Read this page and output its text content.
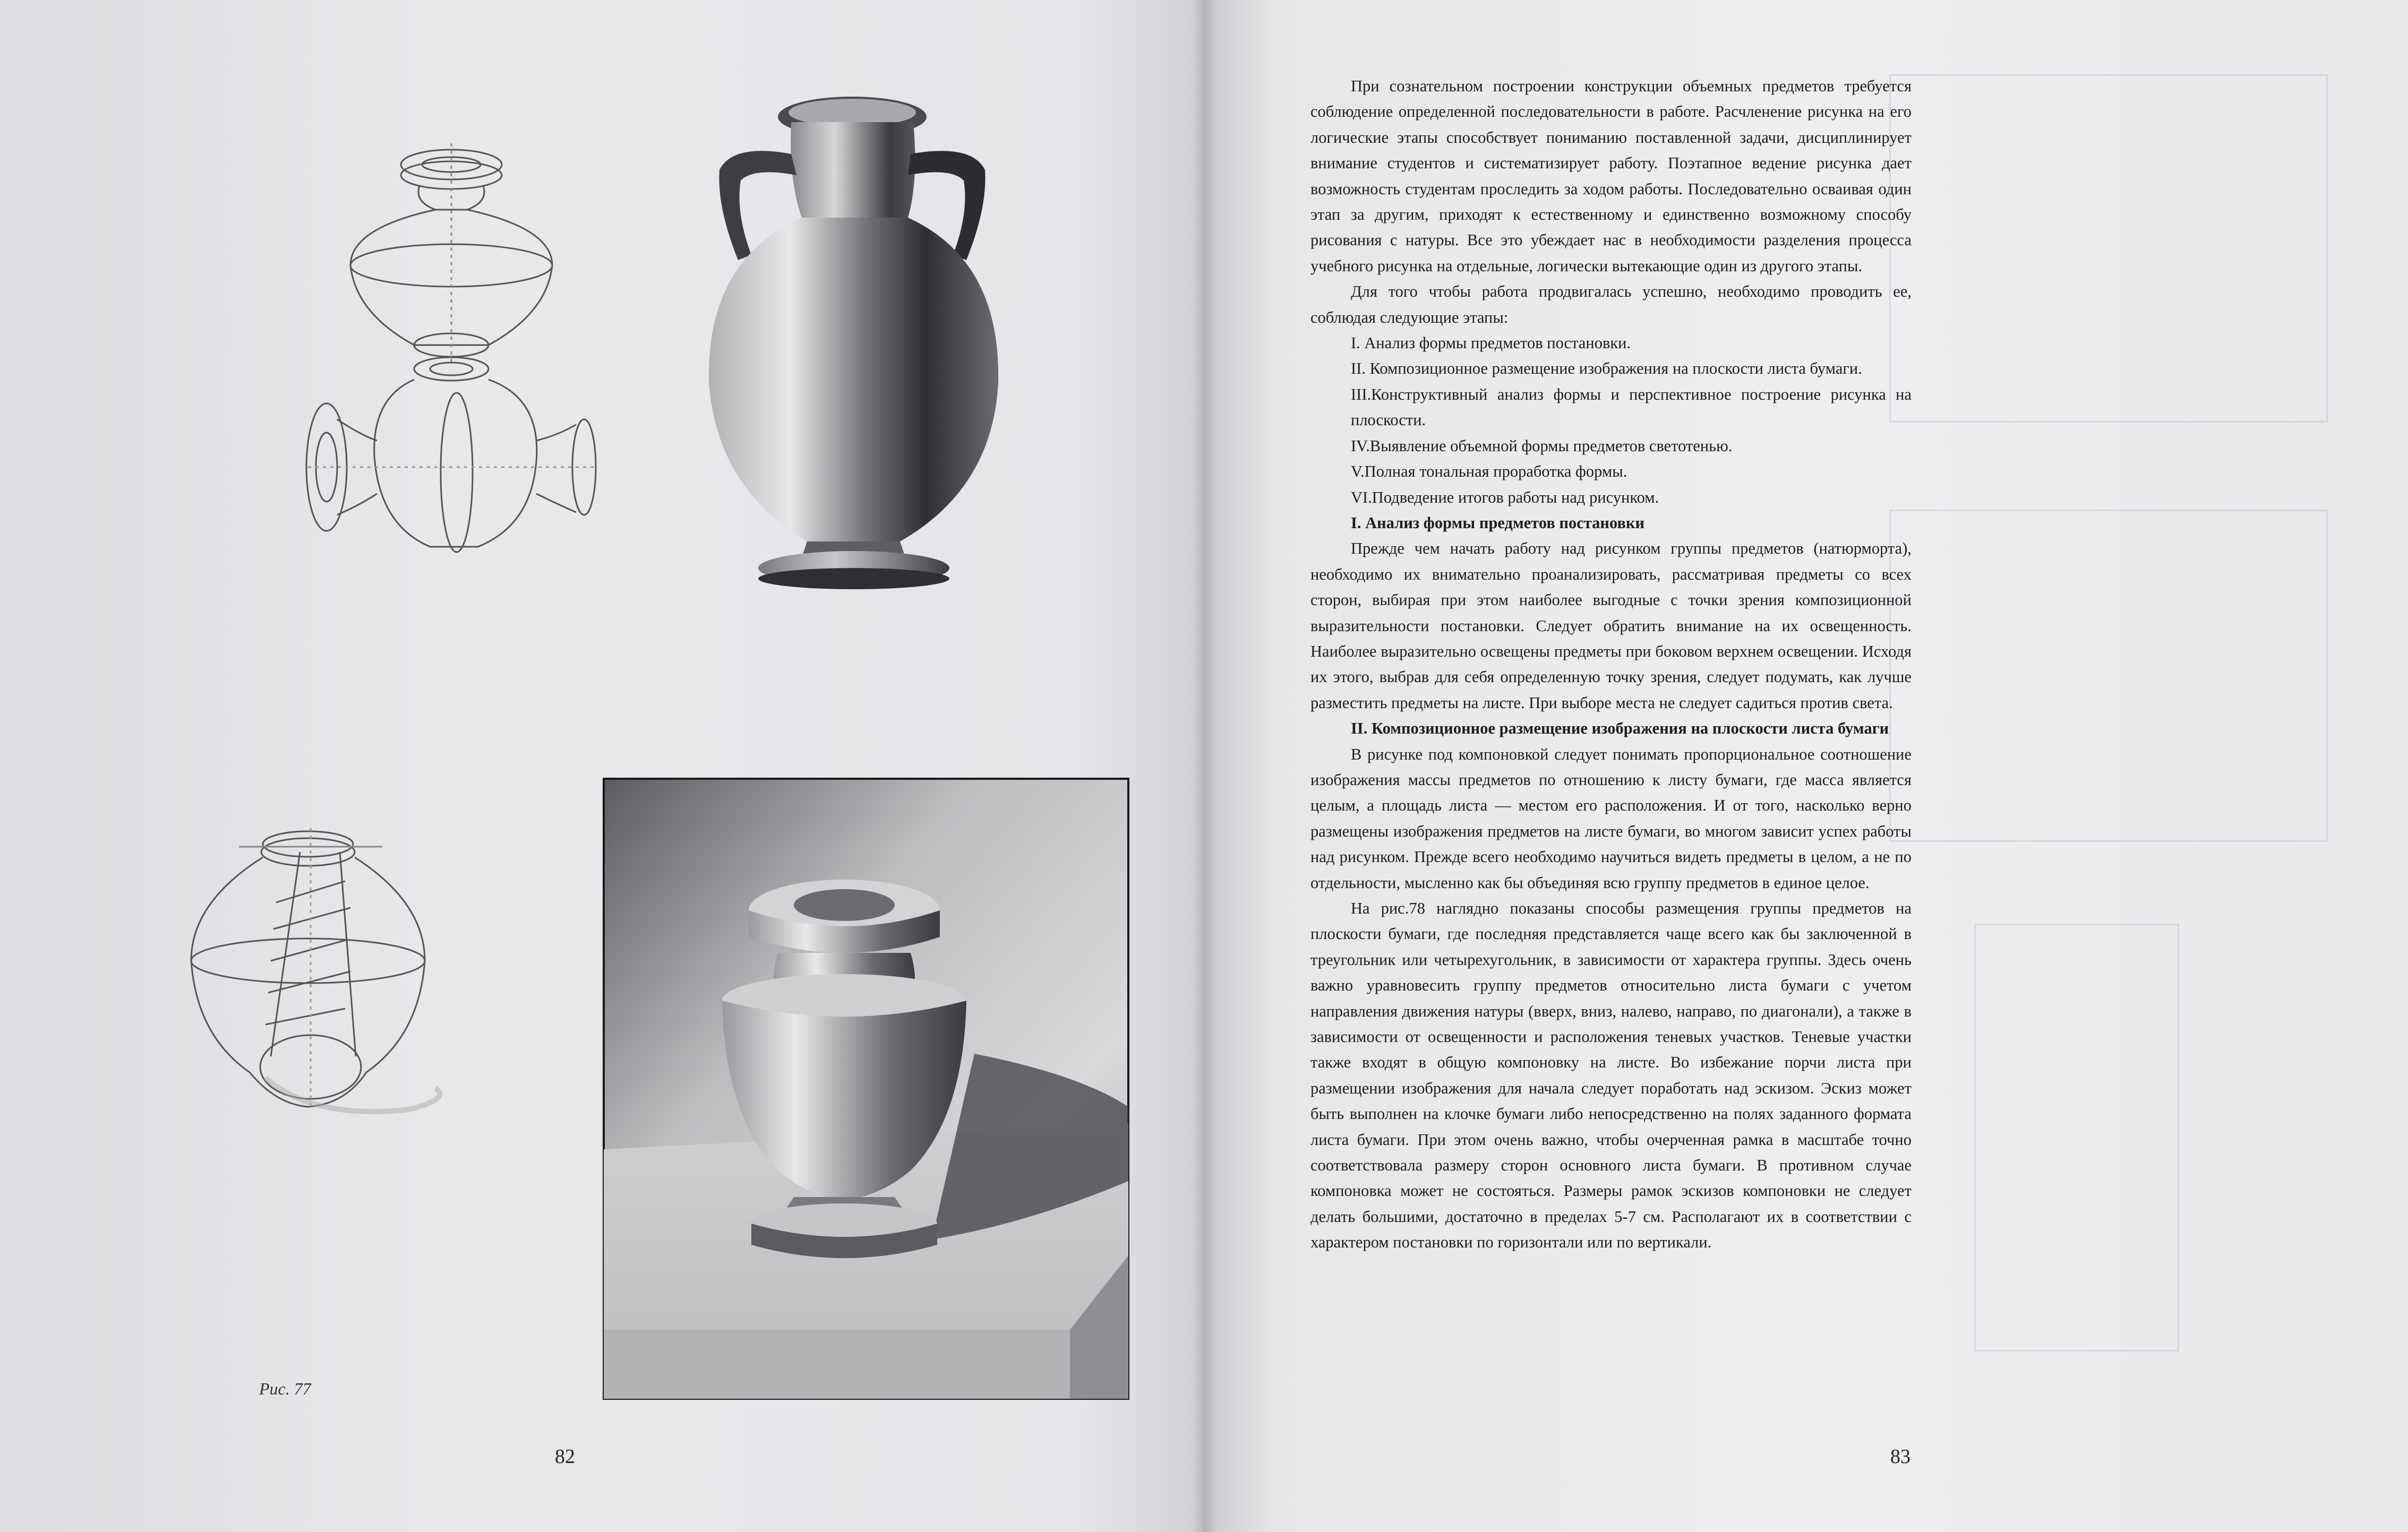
Рис. 77
82

При сознательном построении конструкции объемных предметов требуется соблюдение определенной последовательности в работе. Расчленение рисунка на его логические этапы способствует пониманию поставленной задачи, дисциплинирует внимание студентов и систематизирует работу. Поэтапное ведение рисунка дает возможность студентам проследить за ходом работы. Последовательно осваивая один этап за другим, приходят к естественному и единственно возможному способу рисования с натуры. Все это убеждает нас в необходимости разделения процесса учебного рисунка на отдельные, логически вытекающие один из другого этапы.

Для того чтобы работа продвигалась успешно, необходимо проводить ее, соблюдая следующие этапы:

I. Анализ формы предметов постановки.

II. Композиционное размещение изображения на плоскости листа бумаги.

III.Конструктивный анализ формы и перспективное построение рисунка на плоскости.

IV.Выявление объемной формы предметов светотенью.

V.Полная тональная проработка формы.

VI.Подведение итогов работы над рисунком.

I. Анализ формы предметов постановки

Прежде чем начать работу над рисунком группы предметов (натюрморта), необходимо их внимательно проанализировать, рассматривая предметы со всех сторон, выбирая при этом наиболее выгодные с точки зрения композиционной выразительности постановки. Следует обратить внимание на их освещенность. Наиболее выразительно освещены предметы при боковом верхнем освещении. Исходя их этого, выбрав для себя определенную точку зрения, следует подумать, как лучше разместить предметы на листе. При выборе места не следует садиться против света.

II. Композиционное размещение изображения на плоскости листа бумаги

В рисунке под компоновкой следует понимать пропорциональное соотношение изображения массы предметов по отношению к листу бумаги, где масса является целым, а площадь листа — местом его расположения. И от того, насколько верно размещены изображения предметов на листе бумаги, во многом зависит успех работы над рисунком. Прежде всего необходимо научиться видеть предметы в целом, а не по отдельности, мысленно как бы объединяя всю группу предметов в единое целое.

На рис.78 наглядно показаны способы размещения группы предметов на плоскости бумаги, где последняя представляется чаще всего как бы заключенной в треугольник или четырехугольник, в зависимости от характера группы. Здесь очень важно уравновесить группу предметов относительно листа бумаги с учетом направления движения натуры (вверх, вниз, налево, направо, по диагонали), а также в зависимости от освещенности и расположения теневых участков. Теневые участки также входят в общую компоновку на листе. Во избежание порчи листа при размещении изображения для начала следует поработать над эскизом. Эскиз может быть выполнен на клочке бумаги либо непосредственно на полях заданного формата листа бумаги. При этом очень важно, чтобы очерченная рамка в масштабе точно соответствовала размеру сторон основного листа бумаги. В противном случае компоновка может не состояться. Размеры рамок эскизов компоновки не следует делать большими, достаточно в пределах 5-7 см. Располагают их в соответствии с характером постановки по горизонтали или по вертикали.

83
